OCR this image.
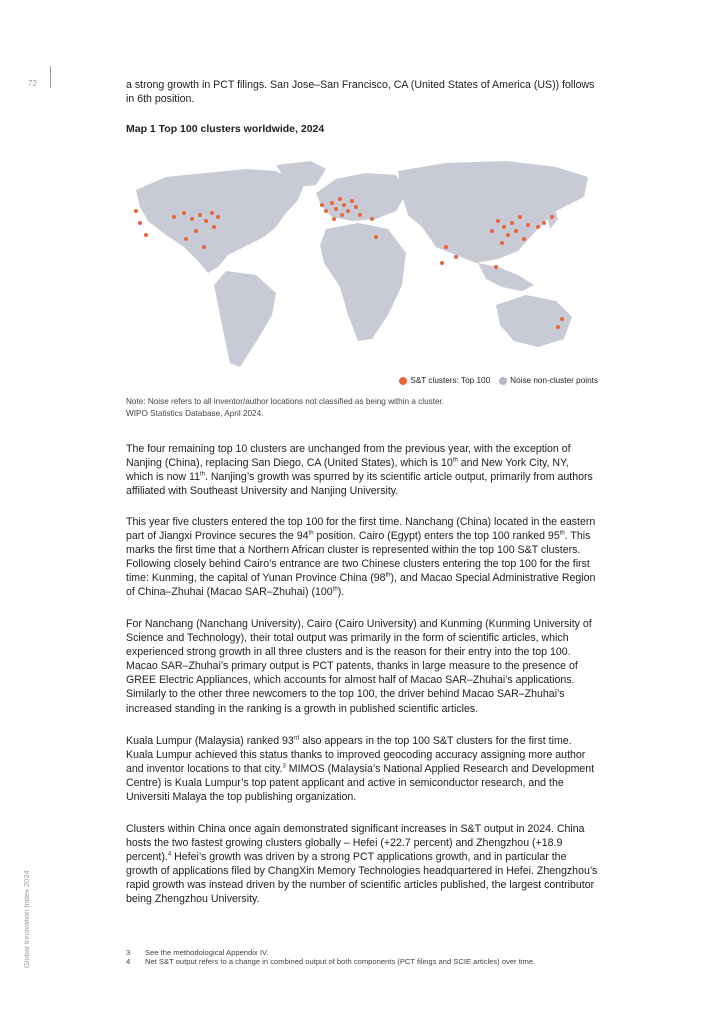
72
Global Innovation Index 2024

a strong growth in PCT filings. San Jose–San Francisco, CA (United States of America (US)) follows in 6th position.

Map 1 Top 100 clusters worldwide, 2024

S&T clusters: Top 100 Noise non-cluster points
Note: Noise refers to all inventor/author locations not classified as being within a cluster.
WIPO Statistics Database, April 2024.

The four remaining top 10 clusters are unchanged from the previous year, with the exception of Nanjing (China), replacing San Diego, CA (United States), which is 10th and New York City, NY, which is now 11th. Nanjing’s growth was spurred by its scientific article output, primarily from authors affiliated with Southeast University and Nanjing University.

This year five clusters entered the top 100 for the first time. Nanchang (China) located in the eastern part of Jiangxi Province secures the 94th position. Cairo (Egypt) enters the top 100 ranked 95th. This marks the first time that a Northern African cluster is represented within the top 100 S&T clusters. Following closely behind Cairo’s entrance are two Chinese clusters entering the top 100 for the first time: Kunming, the capital of Yunan Province China (98th), and Macao Special Administrative Region of China–Zhuhai (Macao SAR–Zhuhai) (100th).

For Nanchang (Nanchang University), Cairo (Cairo University) and Kunming (Kunming University of Science and Technology), their total output was primarily in the form of scientific articles, which experienced strong growth in all three clusters and is the reason for their entry into the top 100. Macao SAR–Zhuhai’s primary output is PCT patents, thanks in large measure to the presence of GREE Electric Appliances, which accounts for almost half of Macao SAR–Zhuhai’s applications. Similarly to the other three newcomers to the top 100, the driver behind Macao SAR–Zhuhai’s increased standing in the ranking is a growth in published scientific articles.

Kuala Lumpur (Malaysia) ranked 93rd also appears in the top 100 S&T clusters for the first time. Kuala Lumpur achieved this status thanks to improved geocoding accuracy assigning more author and inventor locations to that city.$^3$ MIMOS (Malaysia’s National Applied Research and Development Centre) is Kuala Lumpur’s top patent applicant and active in semiconductor research, and the Universiti Malaya the top publishing organization.

Clusters within China once again demonstrated significant increases in S&T output in 2024. China hosts the two fastest growing clusters globally – Hefei (+22.7 percent) and Zhengzhou (+18.9 percent).$^4$ Hefei’s growth was driven by a strong PCT applications growth, and in particular the growth of applications filed by ChangXin Memory Technologies headquartered in Hefei. Zhengzhou’s rapid growth was instead driven by the number of scientific articles published, the largest contributor being Zhengzhou University.

3	See the methodological Appendix IV.
4	Net S&T output refers to a change in combined output of both components (PCT filings and SCIE articles) over time.
